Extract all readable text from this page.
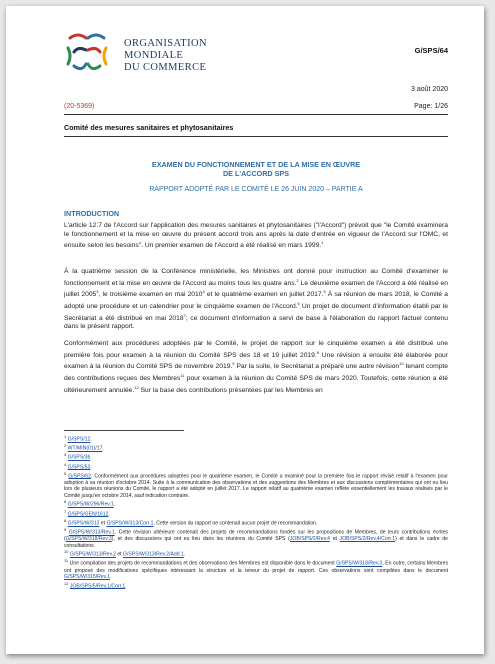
ORGANISATION
MONDIALE
DU COMMERCE
G/SPS/64
3 août 2020
(20-5369)	Page: 1/26
Comité des mesures sanitaires et phytosanitaires
EXAMEN DU FONCTIONNEMENT ET DE LA MISE EN ŒUVRE
DE L'ACCORD SPS
RAPPORT ADOPTÉ PAR LE COMITÉ LE 26 JUIN 2020 – PARTIE A
INTRODUCTION
L'article 12:7 de l'Accord sur l'application des mesures sanitaires et phytosanitaires ("l'Accord") prévoit que "le Comité examinera le fonctionnement et la mise en œuvre du présent accord trois ans après la date d'entrée en vigueur de l'Accord sur l'OMC, et ensuite selon les besoins". Un premier examen de l'Accord a été réalisé en mars 1999.$^1$
À la quatrième session de la Conférence ministérielle, les Ministres ont donné pour instruction au Comité d'examiner le fonctionnement et la mise en œuvre de l'Accord au moins tous les quatre ans.$^2$ Le deuxième examen de l'Accord a été réalisé en juillet 2005$^3$, le troisième examen en mai 2010$^4$ et le quatrième examen en juillet 2017.$^5$ À sa réunion de mars 2018, le Comité a adopté une procédure et un calendrier pour le cinquième examen de l'Accord.$^6$ Un projet de document d'information établi par le Secrétariat a été distribué en mai 2018$^7$; ce document d'information a servi de base à l'élaboration du rapport factuel contenu dans le présent rapport.
Conformément aux procédures adoptées par le Comité, le projet de rapport sur le cinquième examen a été distribué une première fois pour examen à la réunion du Comité SPS des 18 et 19 juillet 2019.$^8$ Une révision a ensuite été élaborée pour examen à la réunion du Comité SPS de novembre 2019.$^9$ Par la suite, le Secrétariat a préparé une autre révision$^{10}$ tenant compte des contributions reçues des Membres$^{11}$ pour examen à la réunion du Comité SPS de mars 2020. Toutefois, cette réunion a été ultérieurement annulée.$^{12}$ Sur la base des contributions présentées par les Membres en
$^1$ G/SPS/12.
$^2$ WT/MIN(01)/17.
$^3$ G/SPS/36.
$^4$ G/SPS/53.
$^5$ G/SPS/62. Conformément aux procédures adoptées pour le quatrième examen, le Comité a examiné pour la première fois le rapport révisé relatif à l'examen pour adoption à sa réunion d'octobre 2014. Suite à la communication des observations et des suggestions des Membres et aux discussions complémentaires qui ont eu lieu lors de plusieurs réunions du Comité, le rapport a été adopté en juillet 2017. Le rapport relatif au quatrième examen reflète essentiellement les travaux réalisés par le Comité jusqu'en octobre 2014, sauf indication contraire.
$^6$ G/SPS/W/296/Rev.1.
$^7$ G/SPS/GEN/1612.
$^8$ G/SPS/W/313 et G/SPS/W/313/Corr.1. Cette version du rapport ne contenait aucun projet de recommandation.
$^9$ G/SPS/W/313/Rev.1. Cette révision ultérieure contenait des projets de recommandations fondés sur les propositions de Membres, de leurs contributions écrites (G/SPS/W/318/Rev.3), et des discussions qui ont eu lieu dans les réunions du Comité SPS (JOB/SPS/2/Rev.4 et JOB/SPS/2/Rev.4/Corr.1) et dans le cadre de consultations.
$^{10}$ G/SPS/W/313/Rev.2 et G/SPS/W/313/Rev.2/Add.1.
$^{11}$ Une compilation des projets de recommandations et des observations des Membres est disponible dans le document G/SPS/W/318/Rev.3. En outre, certains Membres ont proposé des modifications spécifiques intéressant la structure et la teneur du projet de rapport. Ces observations sont compilées dans le document G/SPS/W/315/Rev.1.
$^{12}$ JOB/SPS/5/Rev.1/Corr.1.
